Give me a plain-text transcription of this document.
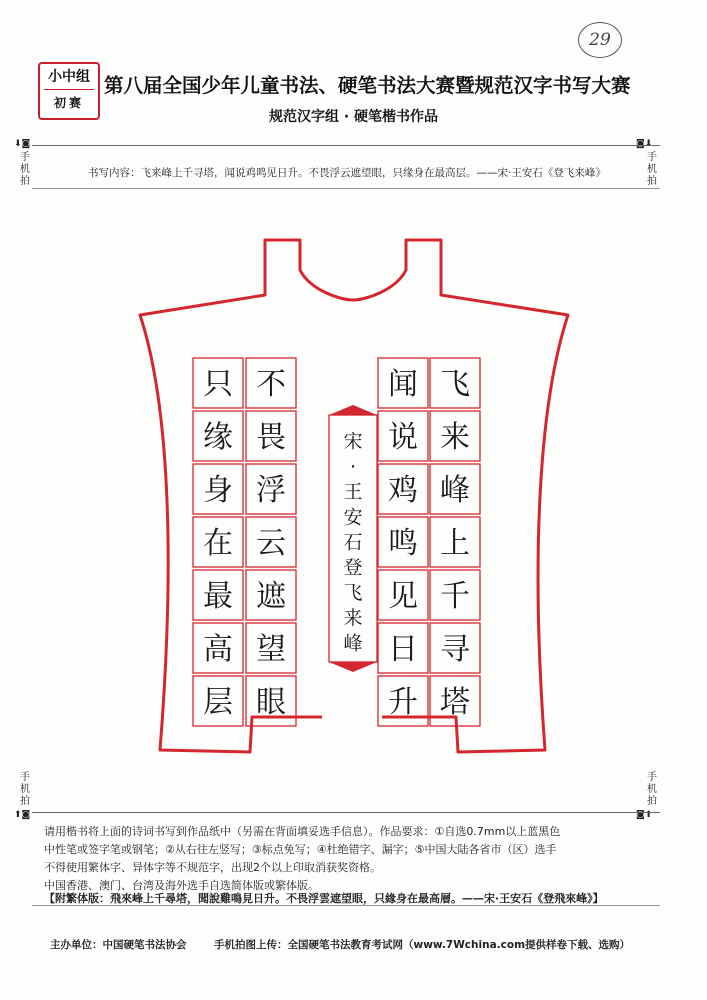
小中组
初赛
29
第八届全国少年儿童书法、硬笔书法大赛暨规范汉字书写大赛
规范汉字组 · 硬笔楷书作品
⬇◙
手机拍
◙⬇
手机拍
手机拍
⬆◙
手机拍
◙⬆
书写内容：飞来峰上千寻塔，闻说鸡鸣见日升。不畏浮云遮望眼，只缘身在最高层。——宋·王安石《登飞来峰》
飞
来
峰
上
千
寻
塔
闻
说
鸡
鸣
见
日
升
不
畏
浮
云
遮
望
眼
只
缘
身
在
最
高
层
宋
·
王
安
石
登
飞
来
峰
请用楷书将上面的诗词书写到作品纸中（另需在背面填妥选手信息）。作品要求：①自选0.7mm以上蓝黑色
中性笔或签字笔或钢笔；②从右往左竖写；③标点免写；④杜绝错字、漏字；⑤中国大陆各省市（区）选手
不得使用繁体字、异体字等不规范字，出现2个以上印取消获奖资格。
中国香港、澳门、台湾及海外选手自选简体版或繁体版。
【附繁体版：飛來峰上千尋塔，聞說雞鳴見日升。不畏浮雲遮望眼，只緣身在最高層。——宋·王安石《登飛來峰》】
主办单位：中国硬笔书法协会	手机拍图上传：全国硬笔书法教育考试网（www.7Wchina.com提供样卷下载、选购）
